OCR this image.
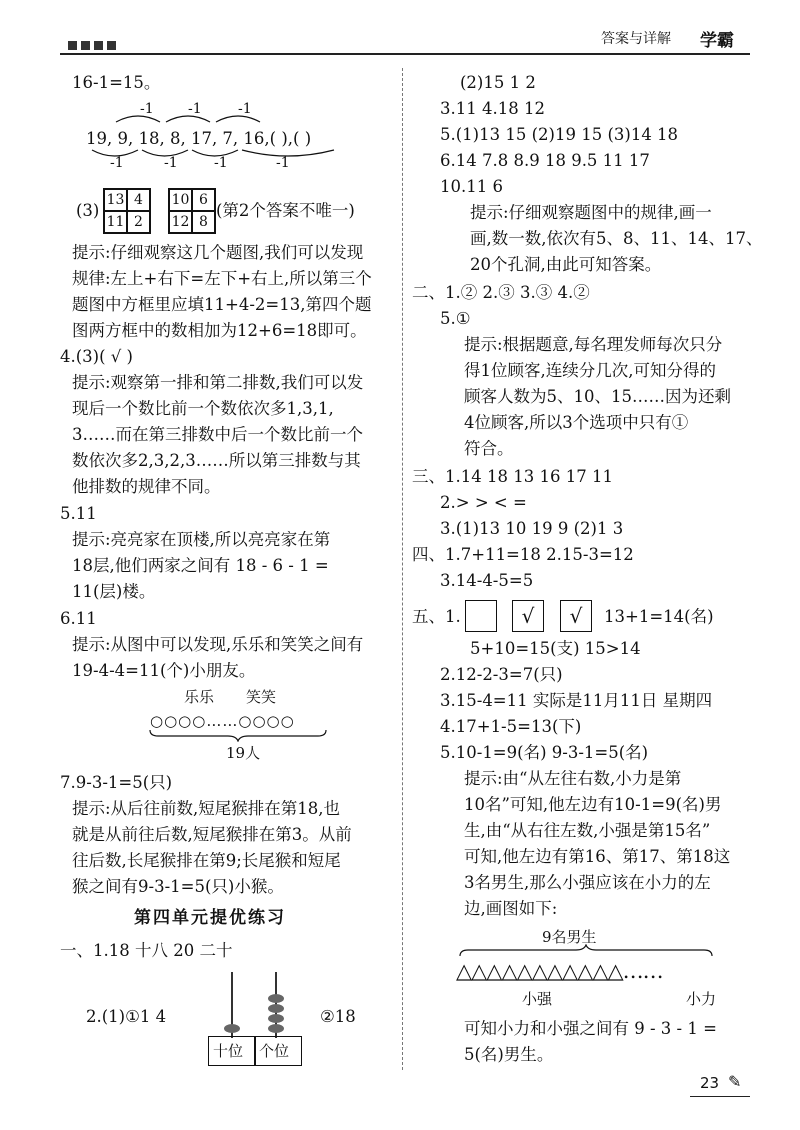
答案与详解 学霸
16-1=15。
-1 -1	-1
19, 9, 18, 8, 17, 7, 16,( ),( )
-1	-1	-1	-1
(3)
13 4
11 2
10 6
12 8
(第2个答案不唯一)
提示:仔细观察这几个题图,我们可以发现
规律:左上+右下=左下+右上,所以第三个
题图中方框里应填11+4-2=13,第四个题
图两方框中的数相加为12+6=18即可。
4.(3)( √ )
提示:观察第一排和第二排数,我们可以发
现后一个数比前一个数依次多1,3,1,
3……而在第三排数中后一个数比前一个
数依次多2,3,2,3……所以第三排数与其
他排数的规律不同。
5.11
提示:亮亮家在顶楼,所以亮亮家在第
18层,他们两家之间有 18 - 6 - 1 =
11(层)楼。
6.11
提示:从图中可以发现,乐乐和笑笑之间有
19-4-4=11(个)小朋友。
乐乐 笑笑
○○○○……○○○○
19人
7.9-3-1=5(只)
提示:从后往前数,短尾猴排在第18,也
就是从前往后数,短尾猴排在第3。从前
往后数,长尾猴排在第9;长尾猴和短尾
猴之间有9-3-1=5(只)小猴。
第四单元提优练习
一、1.18 十八 20 二十
2.(1)①1 4
十位 个位
②18
(2)15 1 2
3.11 4.18 12
5.(1)13 15 (2)19 15 (3)14 18
6.14 7.8 8.9 18 9.5 11 17
10.11 6
提示:仔细观察题图中的规律,画一
画,数一数,依次有5、8、11、14、17、
20个孔洞,由此可知答案。
二、1.② 2.③ 3.③ 4.②
5.①
提示:根据题意,每名理发师每次只分
得1位顾客,连续分几次,可知分得的
顾客人数为5、10、15……因为还剩
4位顾客,所以3个选项中只有①
符合。
三、1.14 18 13 16 17 11
2.> > < =
3.(1)13 10 19 9 (2)1 3
四、1.7+11=18 2.15-3=12
3.14-4-5=5
五、1.	√	√	13+1=14(名)
5+10=15(支) 15>14
2.12-2-3=7(只)
3.15-4=11 实际是11月11日 星期四
4.17+1-5=13(下)
5.10-1=9(名) 9-3-1=5(名)
提示:由“从左往右数,小力是第
10名”可知,他左边有10-1=9(名)男
生,由“从右往左数,小强是第15名”
可知,他左边有第16、第17、第18这
3名男生,那么小强应该在小力的左
边,画图如下:
9名男生
△△△△△△△△△△△……
小强	小力
可知小力和小强之间有 9 - 3 - 1 =
5(名)男生。
23 ✎
